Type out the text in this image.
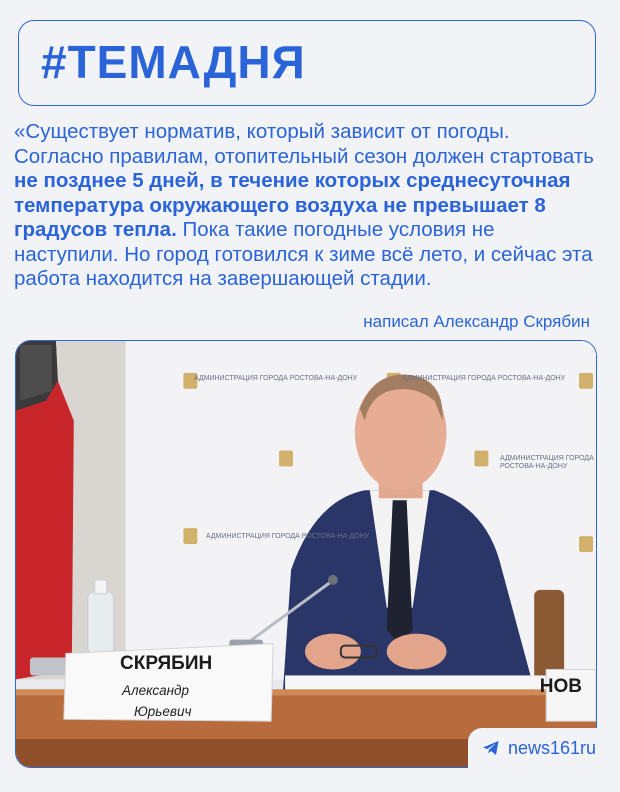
#ТЕМАДНЯ
«Существует норматив, который зависит от погоды. Согласно правилам, отопительный сезон должен стартовать не позднее 5 дней, в течение которых среднесуточная температура окружающего воздуха не превышает 8 градусов тепла. Пока такие погодные условия не наступили. Но город готовился к зиме всё лето, и сейчас эта работа находится на завершающей стадии.
написал Александр Скрябин
АДМИНИСТРАЦИЯ ГОРОДА РОСТОВА-НА-ДОНУ	АДМИНИСТРАЦИЯ ГОРОДА РОСТОВА-НА-ДОНУ
АДМИНИСТРАЦИЯ ГОРОДА РОСТОВА-НА-ДОНУ
АДМИНИСТРАЦИЯ ГОРОДА РОСТОВА-НА-ДОНУ
НОВ
СКРЯБИН
Александр
Юрьевич
news161ru
